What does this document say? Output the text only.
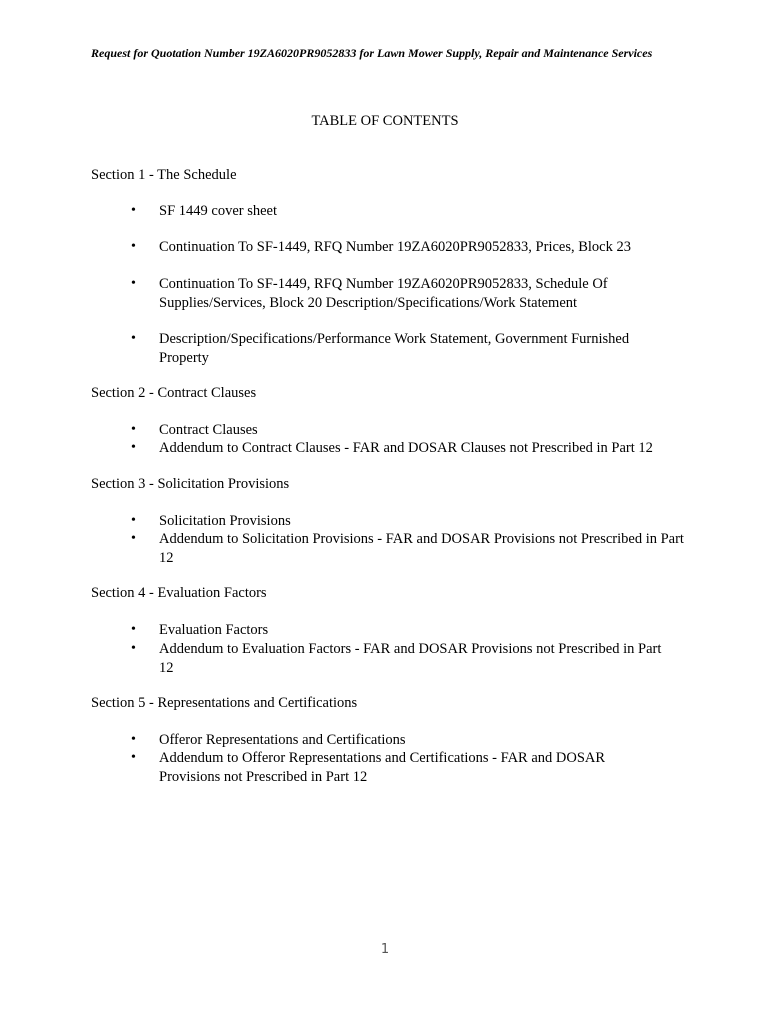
Request for Quotation Number 19ZA6020PR9052833 for Lawn Mower Supply, Repair and Maintenance Services
TABLE OF CONTENTS
Section 1 - The Schedule
• SF 1449 cover sheet
• Continuation To SF-1449, RFQ Number 19ZA6020PR9052833, Prices, Block 23
• Continuation To SF-1449, RFQ Number 19ZA6020PR9052833, Schedule Of Supplies/Services, Block 20 Description/Specifications/Work Statement
• Description/Specifications/Performance Work Statement, Government Furnished Property
Section 2 - Contract Clauses
• Contract Clauses
• Addendum to Contract Clauses - FAR and DOSAR Clauses not Prescribed in Part 12
Section 3 - Solicitation Provisions
• Solicitation Provisions
• Addendum to Solicitation Provisions - FAR and DOSAR Provisions not Prescribed in Part 12
Section 4 - Evaluation Factors
• Evaluation Factors
• Addendum to Evaluation Factors - FAR and DOSAR Provisions not Prescribed in Part 12
Section 5 - Representations and Certifications
• Offeror Representations and Certifications
• Addendum to Offeror Representations and Certifications - FAR and DOSAR Provisions not Prescribed in Part 12
1
